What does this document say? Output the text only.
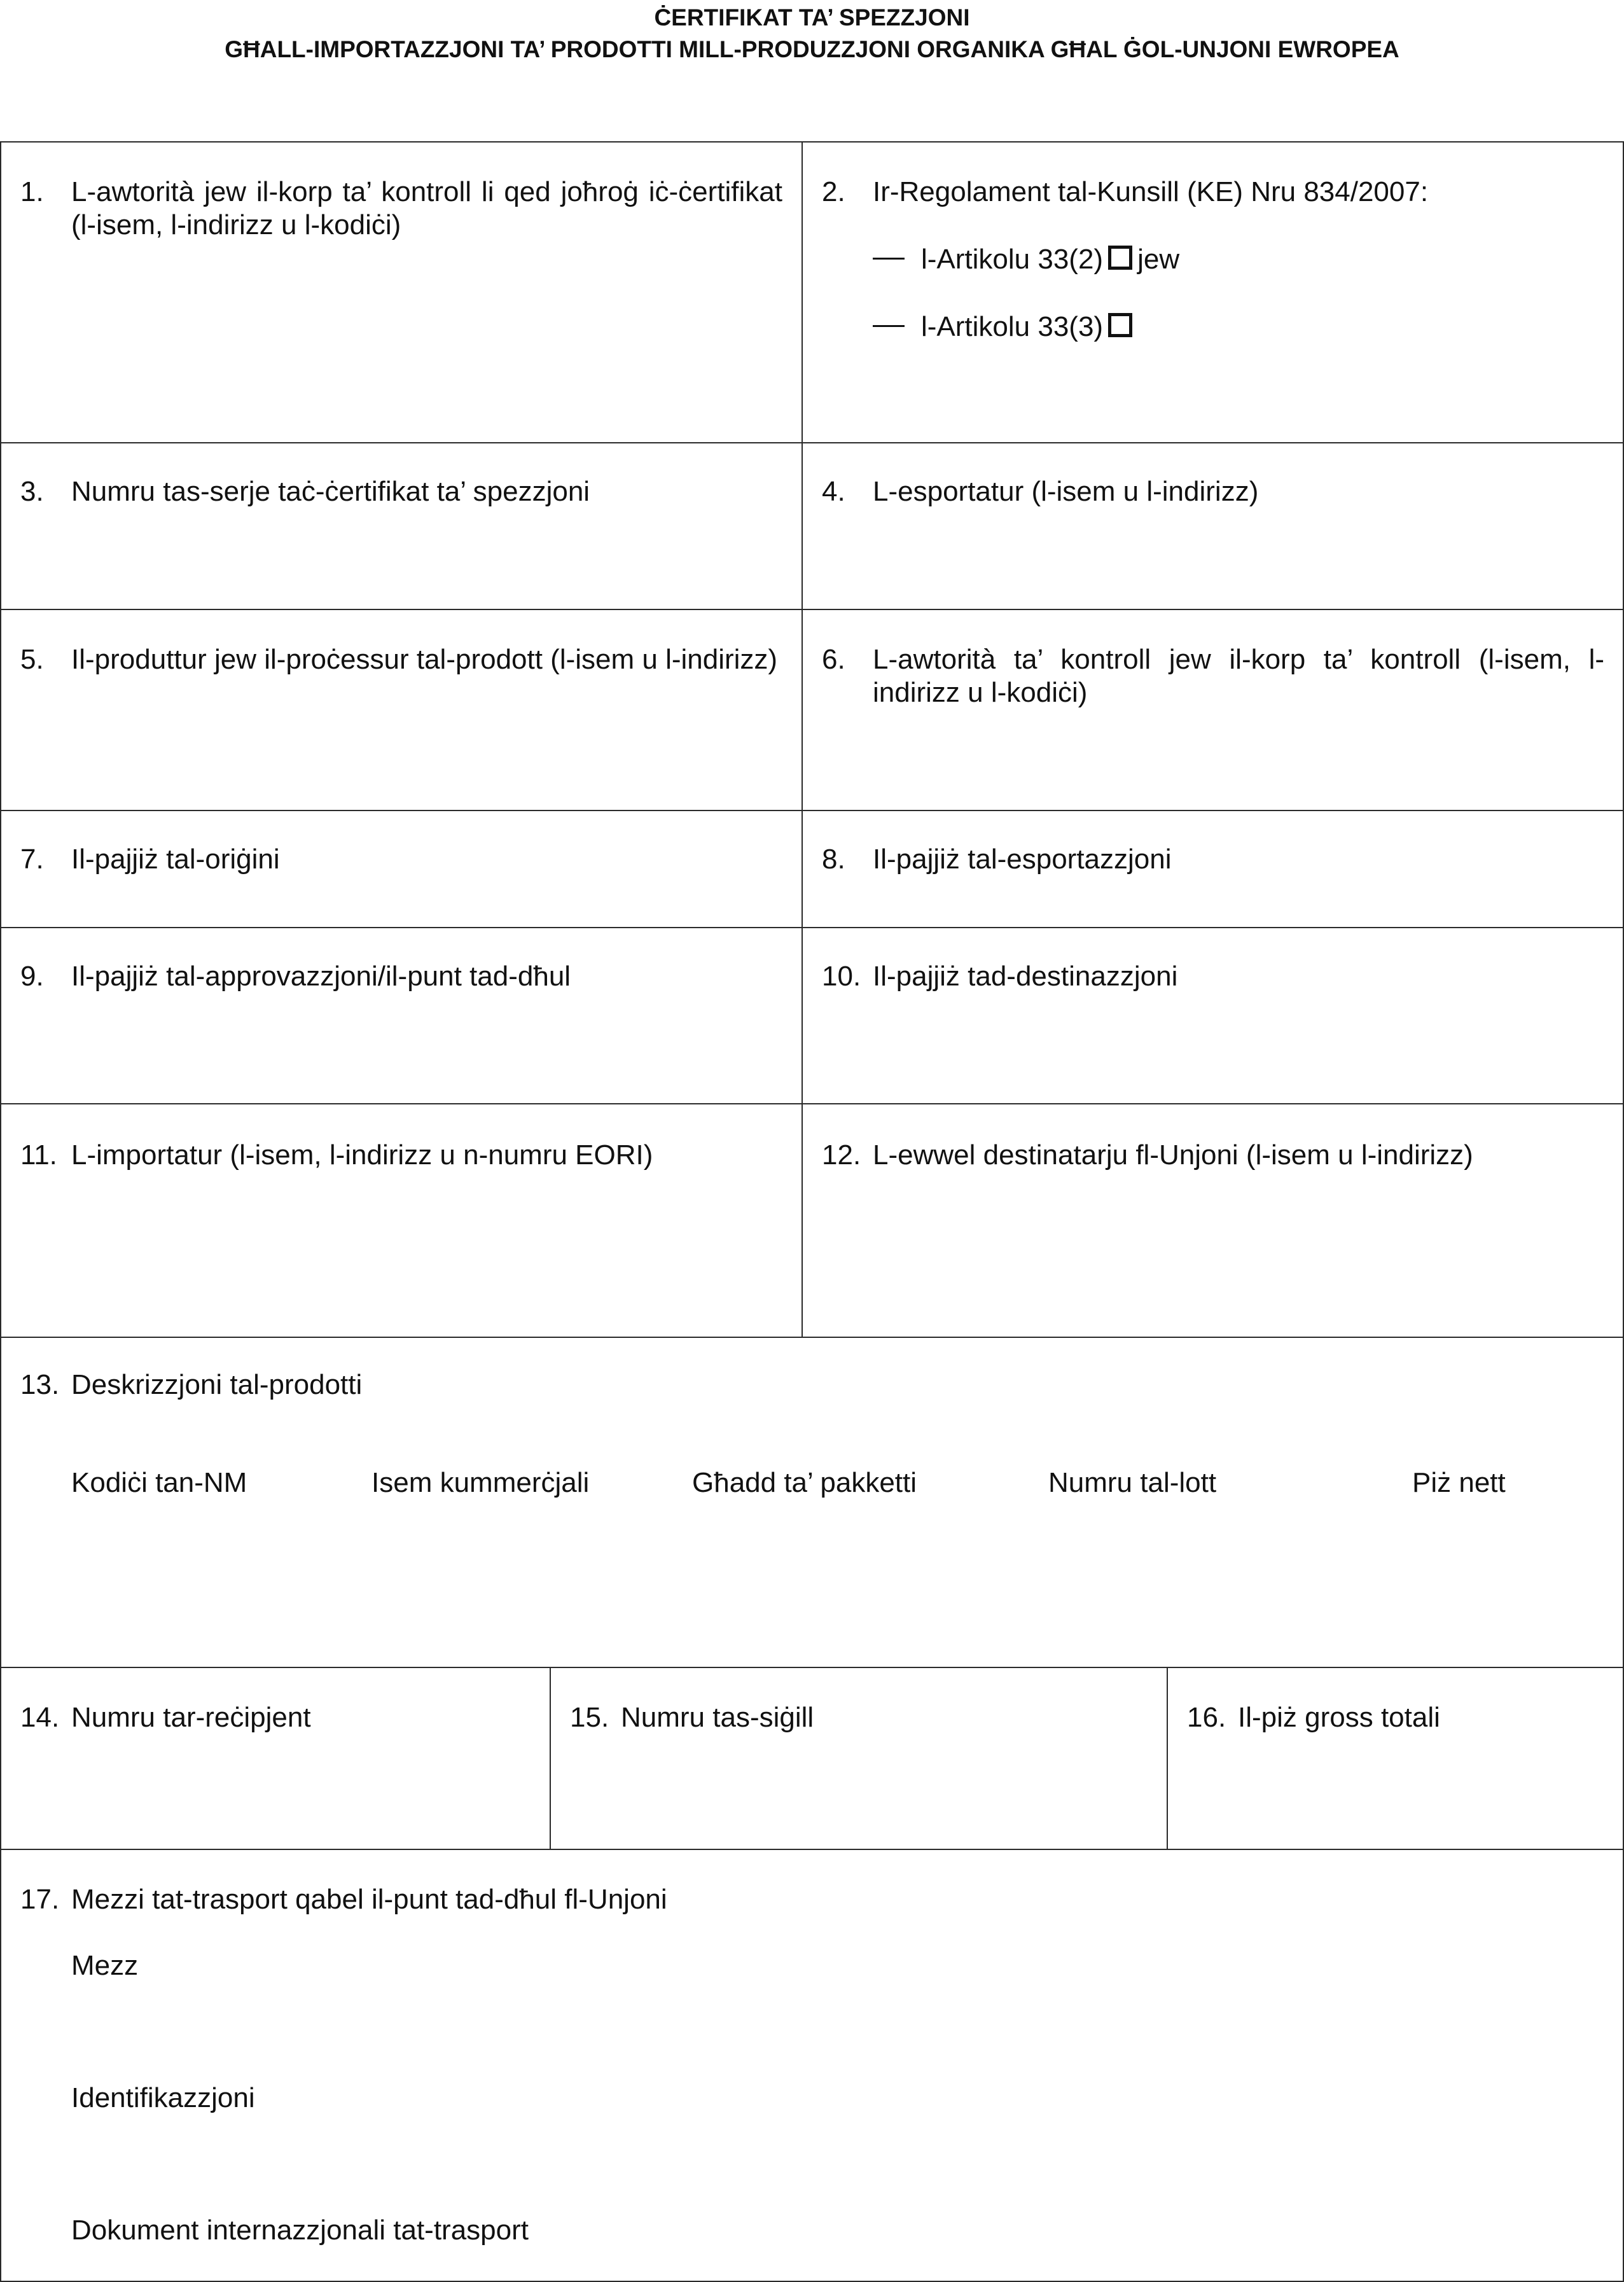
ĊERTIFIKAT TA’ SPEZZJONI
GĦALL-IMPORTAZZJONI TA’ PRODOTTI MILL-PRODUZZJONI ORGANIKA GĦAL ĠOL-UNJONI EWROPEA
1. L-awtorità jew il-korp ta’ kontroll li qed joħroġ iċ-ċertifikat (l-isem, l-indirizz u l-kodiċi)
2. Ir-Regolament tal-Kunsill (KE) Nru 834/2007:
l-Artikolu 33(2) jew
l-Artikolu 33(3)
3. Numru tas-serje taċ-ċertifikat ta’ spezzjoni	4. L-esportatur (l-isem u l-indirizz)
5. Il-produttur jew il-proċessur tal-prodott (l-isem u l-indirizz) 6. L-awtorità ta’ kontroll jew il-korp ta’ kontroll (l-isem, l-indirizz u l-kodiċi)
7. Il-pajjiż tal-oriġini	8. Il-pajjiż tal-esportazzjoni
9. Il-pajjiż tal-approvazzjoni/il-punt tad-dħul	10. Il-pajjiż tad-destinazzjoni
11. L-importatur (l-isem, l-indirizz u n-numru EORI)	12. L-ewwel destinatarju fl-Unjoni (l-isem u l-indirizz)
13. Deskrizzjoni tal-prodotti
Kodiċi tan-NM	Isem kummerċjali	Għadd ta’ pakketti	Numru tal-lott	Piż nett
14. Numru tar-reċipjent	15. Numru tas-siġill	16. Il-piż gross totali
17. Mezzi tat-trasport qabel il-punt tad-dħul fl-Unjoni
Mezz
Identifikazzjoni
Dokument internazzjonali tat-trasport
